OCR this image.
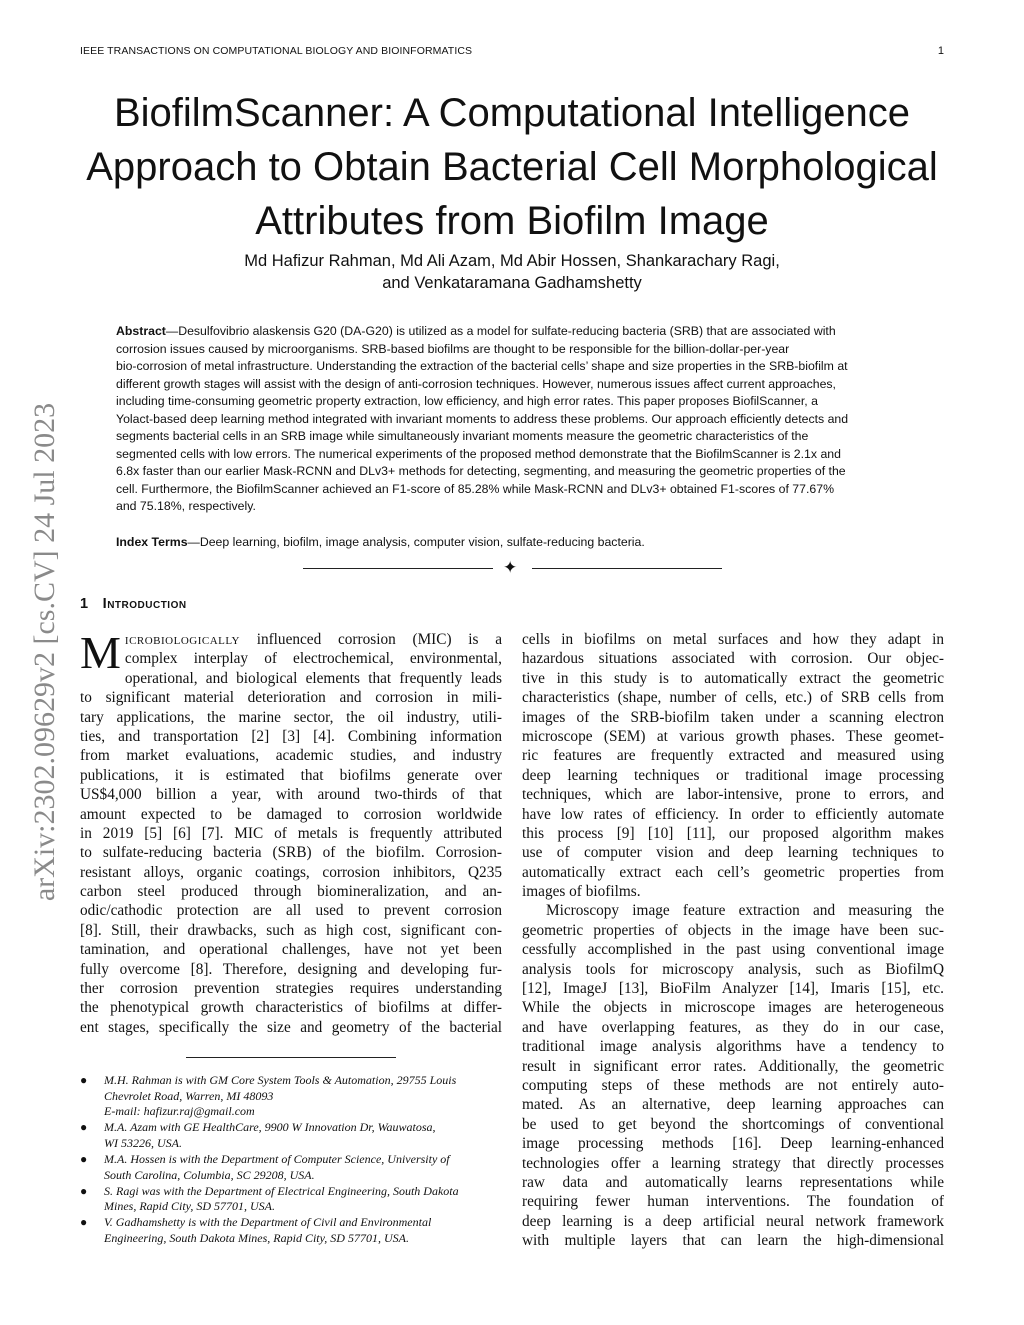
IEEE TRANSACTIONS ON COMPUTATIONAL BIOLOGY AND BIOINFORMATICS	1
arXiv:2302.09629v2 [cs.CV] 24 Jul 2023
BiofilmScanner: A Computational Intelligence
Approach to Obtain Bacterial Cell Morphological
Attributes from Biofilm Image
Md Hafizur Rahman, Md Ali Azam, Md Abir Hossen, Shankarachary Ragi,
and Venkataramana Gadhamshetty
Abstract—Desulfovibrio alaskensis G20 (DA-G20) is utilized as a model for sulfate-reducing bacteria (SRB) that are associated with
corrosion issues caused by microorganisms. SRB-based biofilms are thought to be responsible for the billion-dollar-per-year
bio-corrosion of metal infrastructure. Understanding the extraction of the bacterial cells’ shape and size properties in the SRB-biofilm at
different growth stages will assist with the design of anti-corrosion techniques. However, numerous issues affect current approaches,
including time-consuming geometric property extraction, low efficiency, and high error rates. This paper proposes BiofilScanner, a
Yolact-based deep learning method integrated with invariant moments to address these problems. Our approach efficiently detects and
segments bacterial cells in an SRB image while simultaneously invariant moments measure the geometric characteristics of the
segmented cells with low errors. The numerical experiments of the proposed method demonstrate that the BiofilmScanner is 2.1x and
6.8x faster than our earlier Mask-RCNN and DLv3+ methods for detecting, segmenting, and measuring the geometric properties of the
cell. Furthermore, the BiofilmScanner achieved an F1-score of 85.28% while Mask-RCNN and DLv3+ obtained F1-scores of 77.67%
and 75.18%, respectively.
Index Terms—Deep learning, biofilm, image analysis, computer vision, sulfate-reducing bacteria.
✦
1 Introduction
M icrobiologically influenced corrosion (MIC) is a
complex interplay of electrochemical, environmental,
operational, and biological elements that frequently leads
to significant material deterioration and corrosion in mili-
tary applications, the marine sector, the oil industry, utili-
ties, and transportation [2] [3] [4]. Combining information
from market evaluations, academic studies, and industry
publications, it is estimated that biofilms generate over
US$4,000 billion a year, with around two-thirds of that
amount expected to be damaged to corrosion worldwide
in 2019 [5] [6] [7]. MIC of metals is frequently attributed
to sulfate-reducing bacteria (SRB) of the biofilm. Corrosion-
resistant alloys, organic coatings, corrosion inhibitors, Q235
carbon steel produced through biomineralization, and an-
odic/cathodic protection are all used to prevent corrosion
[8]. Still, their drawbacks, such as high cost, significant con-
tamination, and operational challenges, have not yet been
fully overcome [8]. Therefore, designing and developing fur-
ther corrosion prevention strategies requires understanding
the phenotypical growth characteristics of biofilms at differ-
ent stages, specifically the size and geometry of the bacterial
● M.H. Rahman is with GM Core System Tools & Automation, 29755 Louis
Chevrolet Road, Warren, MI 48093
E-mail: hafizur.raj@gmail.com
● M.A. Azam with GE HealthCare, 9900 W Innovation Dr, Wauwatosa,
WI 53226, USA.
● M.A. Hossen is with the Department of Computer Science, University of
South Carolina, Columbia, SC 29208, USA.
● S. Ragi was with the Department of Electrical Engineering, South Dakota
Mines, Rapid City, SD 57701, USA.
● V. Gadhamshetty is with the Department of Civil and Environmental
Engineering, South Dakota Mines, Rapid City, SD 57701, USA.
cells in biofilms on metal surfaces and how they adapt in
hazardous situations associated with corrosion. Our objec-
tive in this study is to automatically extract the geometric
characteristics (shape, number of cells, etc.) of SRB cells from
images of the SRB-biofilm taken under a scanning electron
microscope (SEM) at various growth phases. These geomet-
ric features are frequently extracted and measured using
deep learning techniques or traditional image processing
techniques, which are labor-intensive, prone to errors, and
have low rates of efficiency. In order to efficiently automate
this process [9] [10] [11], our proposed algorithm makes
use of computer vision and deep learning techniques to
automatically extract each cell’s geometric properties from
images of biofilms.
Microscopy image feature extraction and measuring the
geometric properties of objects in the image have been suc-
cessfully accomplished in the past using conventional image
analysis tools for microscopy analysis, such as BiofilmQ
[12], ImageJ [13], BioFilm Analyzer [14], Imaris [15], etc.
While the objects in microscope images are heterogeneous
and have overlapping features, as they do in our case,
traditional image analysis algorithms have a tendency to
result in significant error rates. Additionally, the geometric
computing steps of these methods are not entirely auto-
mated. As an alternative, deep learning approaches can
be used to get beyond the shortcomings of conventional
image processing methods [16]. Deep learning-enhanced
technologies offer a learning strategy that directly processes
raw data and automatically learns representations while
requiring fewer human interventions. The foundation of
deep learning is a deep artificial neural network framework
with multiple layers that can learn the high-dimensional
